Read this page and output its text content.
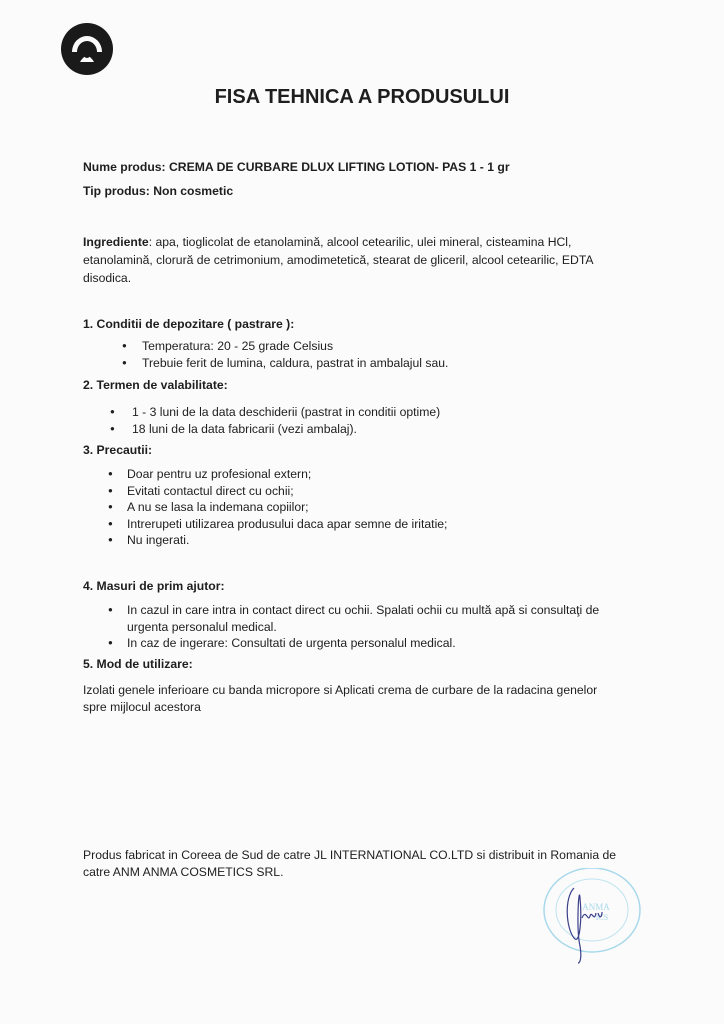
FISA TEHNICA A PRODUSULUI
Nume produs: CREMA DE CURBARE DLUX LIFTING LOTION- PAS 1 - 1 gr
Tip produs: Non cosmetic
Ingrediente: apa, tioglicolat de etanolamină, alcool cetearilic, ulei mineral, cisteamina HCl, etanolamină, clorură de cetrimonium, amodimetetică, stearat de gliceril, alcool cetearilic, EDTA disodica.
1. Conditii de depozitare ( pastrare ):
● Temperatura: 20 - 25 grade Celsius
● Trebuie ferit de lumina, caldura, pastrat in ambalajul sau.
2. Termen de valabilitate:
● 1 - 3 luni de la data deschiderii (pastrat in conditii optime)
● 18 luni de la data fabricarii (vezi ambalaj).
3. Precautii:
● Doar pentru uz profesional extern;
● Evitati contactul direct cu ochii;
● A nu se lasa la indemana copiilor;
● Intrerupeti utilizarea produsului daca apar semne de iritatie;
● Nu ingerati.
4. Masuri de prim ajutor:
● In cazul in care intra in contact direct cu ochii. Spalati ochii cu multă apă si consultaţi de urgenta personalul medical.
● In caz de ingerare: Consultati de urgenta personalul medical.
5. Mod de utilizare:
Izolati genele inferioare cu banda micropore si Aplicati crema de curbare de la radacina genelor spre mijlocul acestora
Produs fabricat in Coreea de Sud de catre JL INTERNATIONAL CO.LTD si distribuit in Romania de catre ANM ANMA COSMETICS SRL.
ANMA
ICS
